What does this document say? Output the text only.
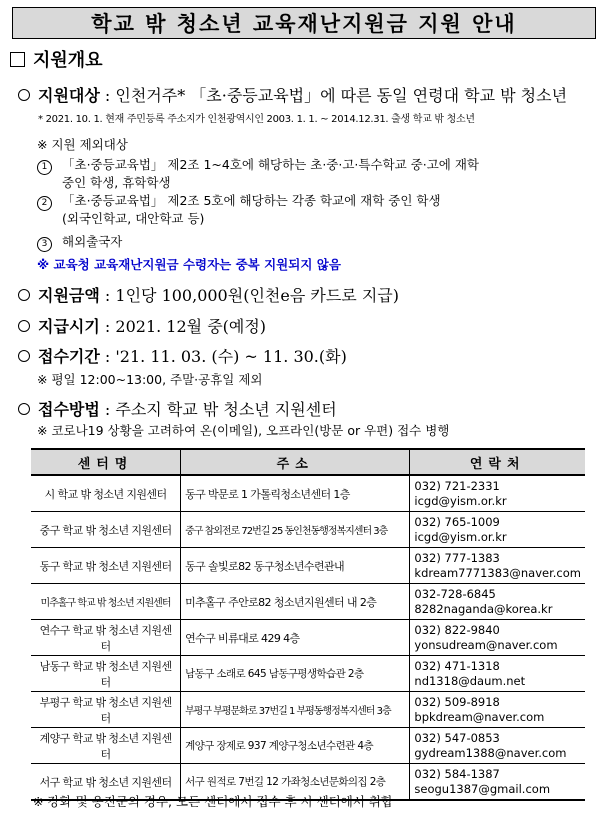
학교 밖 청소년 교육재난지원금 지원 안내
지원개요
지원대상 : 인천거주* 「초·중등교육법」에 따른 동일 연령대 학교 밖 청소년
* 2021. 10. 1. 현재 주민등록 주소지가 인천광역시인 2003. 1. 1. ~ 2014.12.31. 출생 학교 밖 청소년
※ 지원 제외대상
1 「초·중등교육법」 제2조 1~4호에 해당하는 초·중·고·특수학교 중·고에 재학
중인 학생, 휴학학생
2 「초·중등교육법」 제2조 5호에 해당하는 각종 학교에 재학 중인 학생
(외국인학교, 대안학교 등)
3 해외출국자
※ 교육청 교육재난지원금 수령자는 중복 지원되지 않음
지원금액 : 1인당 100,000원(인천e음 카드로 지급)
지급시기 : 2021. 12월 중(예정)
접수기간 : '21. 11. 03. (수) ~ 11. 30.(화)
※ 평일 12:00~13:00, 주말·공휴일 제외
접수방법 : 주소지 학교 밖 청소년 지원센터
※ 코로나19 상황을 고려하여 온(이메일), 오프라인(방문 or 우편) 접수 병행
센터명	주소	연락처
시 학교 밖 청소년 지원센터	동구 박문로 1 가톨릭청소년센터 1층	032) 721-2331
icgd@yism.or.kr

중구 학교 밖 청소년 지원센터	중구 참외전로 72번길 25 동인천동행정복지센터 3층	032) 765-1009
icgd@yism.or.kr

동구 학교 밖 청소년 지원센터	동구 솔빛로82 동구청소년수련관내	032) 777-1383
kdream7771383@naver.com

미추홀구 학교 밖 청소년 지원센터	미추홀구 주안로82 청소년지원센터 내 2층	032-728-6845
8282naganda@korea.kr

연수구 학교 밖 청소년 지원센터	연수구 비류대로 429 4층	032) 822-9840
yonsudream@naver.com

남동구 학교 밖 청소년 지원센터	남동구 소래로 645 남동구평생학습관 2층	032) 471-1318
nd1318@daum.net

부평구 학교 밖 청소년 지원센터	부평구 부평문화로 37번길 1 부평동행정복지센터 3층	032) 509-8918
bpkdream@naver.com

계양구 학교 밖 청소년 지원센터	계양구 장제로 937 계양구청소년수련관 4층	032) 547-0853
gydream1388@naver.com

서구 학교 밖 청소년 지원센터	서구 원적로 7번길 12 가좌청소년문화의집 2층	032) 584-1387
seogu1387@gmail.com
※ 강화 및 옹진군의 경우, 모든 센터에서 접수 후 시 센터에서 취합
